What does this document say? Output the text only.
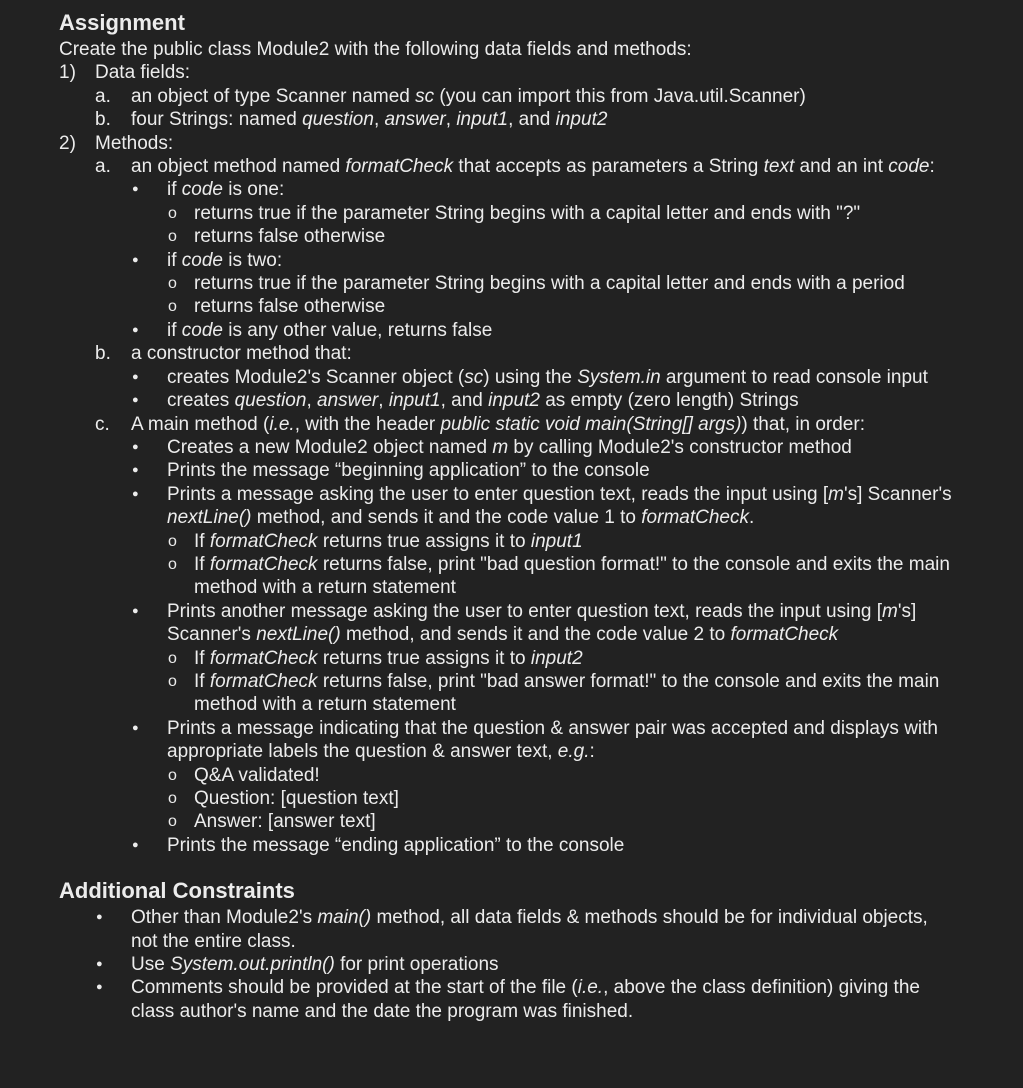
Assignment
Create the public class Module2 with the following data fields and methods:
1) Data fields:
a. an object of type Scanner named sc (you can import this from Java.util.Scanner)
b. four Strings: named question, answer, input1, and input2
2) Methods:
a. an object method named formatCheck that accepts as parameters a String text and an int code:
● if code is one:
o returns true if the parameter String begins with a capital letter and ends with "?"
o returns false otherwise
● if code is two:
o returns true if the parameter String begins with a capital letter and ends with a period
o returns false otherwise
● if code is any other value, returns false
b. a constructor method that:
● creates Module2's Scanner object (sc) using the System.in argument to read console input
● creates question, answer, input1, and input2 as empty (zero length) Strings
c. A main method (i.e., with the header public static void main(String[] args)) that, in order:
● Creates a new Module2 object named m by calling Module2's constructor method
● Prints the message “beginning application” to the console
● Prints a message asking the user to enter question text, reads the input using [m's] Scanner's
nextLine() method, and sends it and the code value 1 to formatCheck.
o If formatCheck returns true assigns it to input1
o If formatCheck returns false, print "bad question format!" to the console and exits the main
method with a return statement
● Prints another message asking the user to enter question text, reads the input using [m's]
Scanner's nextLine() method, and sends it and the code value 2 to formatCheck
o If formatCheck returns true assigns it to input2
o If formatCheck returns false, print "bad answer format!" to the console and exits the main
method with a return statement
● Prints a message indicating that the question & answer pair was accepted and displays with
appropriate labels the question & answer text, e.g.:
o Q&A validated!
o Question: [question text]
o Answer: [answer text]
● Prints the message “ending application” to the console
Additional Constraints
● Other than Module2's main() method, all data fields & methods should be for individual objects,
not the entire class.
● Use System.out.println() for print operations
● Comments should be provided at the start of the file (i.e., above the class definition) giving the
class author's name and the date the program was finished.
